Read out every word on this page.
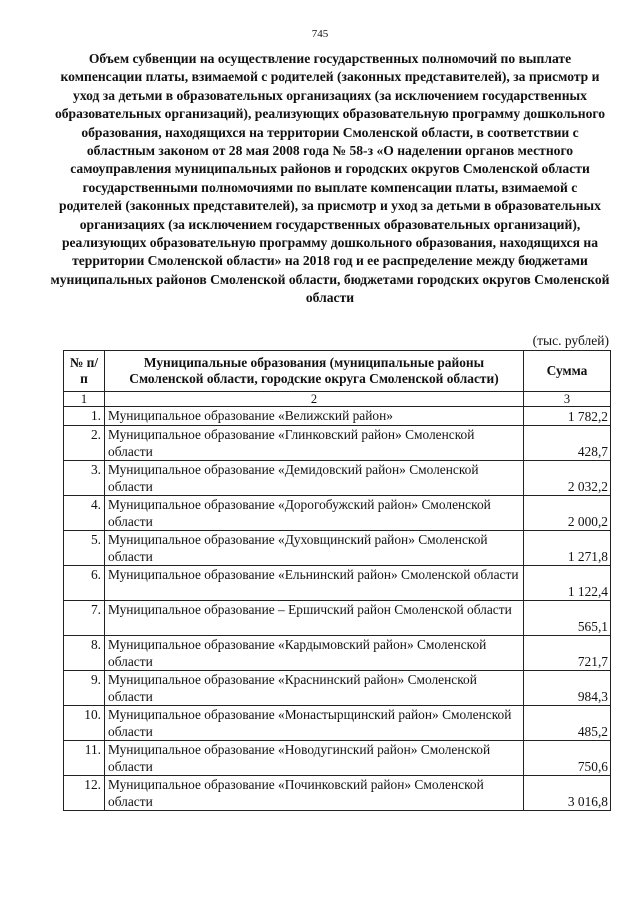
745
Объем субвенции на осуществление государственных полномочий по выплате компенсации платы, взимаемой с родителей (законных представителей), за присмотр и уход за детьми в образовательных организациях (за исключением государственных образовательных организаций), реализующих образовательную программу дошкольного образования, находящихся на территории Смоленской области, в соответствии с областным законом от 28 мая 2008 года № 58-з «О наделении органов местного самоуправления муниципальных районов и городских округов Смоленской области государственными полномочиями по выплате компенсации платы, взимаемой с родителей (законных представителей), за присмотр и уход за детьми в образовательных организациях (за исключением государственных образовательных организаций), реализующих образовательную программу дошкольного образования, находящихся на территории Смоленской области» на 2018 год и ее распределение между бюджетами муниципальных районов Смоленской области, бюджетами городских округов Смоленской области
(тыс. рублей)
№ п/п	Муниципальные образования (муниципальные районы Смоленской области, городские округа Смоленской области)	Сумма
1	2	3
1.	Муниципальное образование «Велижский район»	1 782,2
2.	Муниципальное образование «Глинковский район» Смоленской области	428,7
3.	Муниципальное образование «Демидовский район» Смоленской области	2 032,2
4.	Муниципальное образование «Дорогобужский район» Смоленской области	2 000,2
5.	Муниципальное образование «Духовщинский район» Смоленской области	1 271,8
6.	Муниципальное образование «Ельнинский район» Смоленской области	1 122,4
7.	Муниципальное образование – Ершичский район Смоленской области	565,1
8.	Муниципальное образование «Кардымовский район» Смоленской области	721,7
9.	Муниципальное образование «Краснинский район» Смоленской области	984,3
10.	Муниципальное образование «Монастырщинский район» Смоленской области	485,2
11.	Муниципальное образование «Новодугинский район» Смоленской области	750,6
12.	Муниципальное образование «Починковский район» Смоленской области	3 016,8
